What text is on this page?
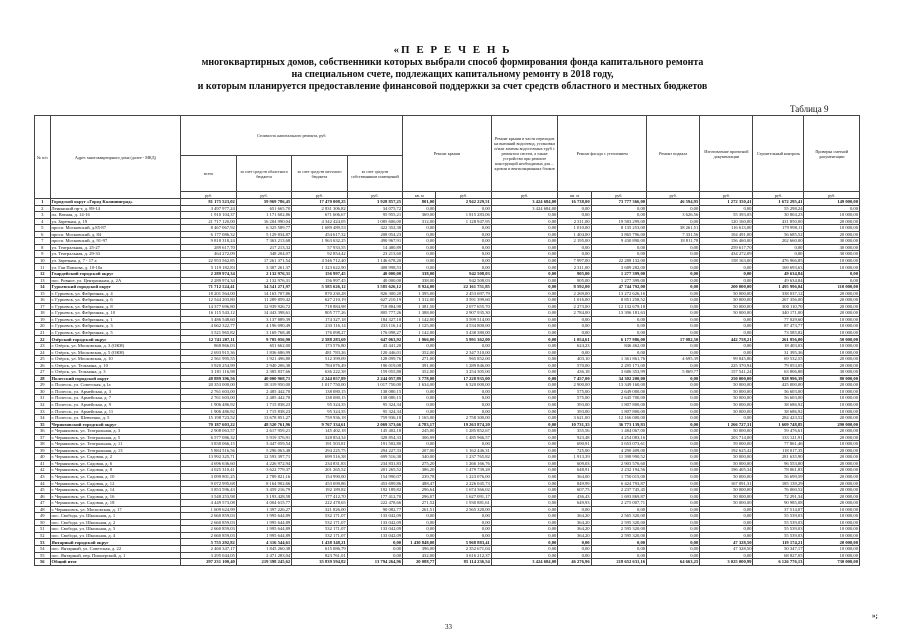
«П Е Р Е Ч Е Н Ь
многоквартирных домов, собственники которых выбрали способ формирования фонда капитального ремонта
на специальном счете, подлежащих капитальному ремонту в 2018 году,
и которым планируется предоставление финансовой поддержки за счет средств областного и местных бюджетов
Таблица 9
№ п/п	Адрес многоквартирного дома (далее - МКД)	Стоимость капитального ремонта, руб.				Ремонт крыши		Ремонт крыши в части переходов на внешний водоотвод, установки и/или замены водосточных труб с ремонтом систем, а также устройство при ремонте конструкций необходимых для ... кровли и вентиляционных блоков	Ремонт фасада с утеплением		Ремонт подвала	Изготовление проектной документации	Строительный контроль	Проверка сметной документации
		всего	за счет средств областного бюджета	за счет средств местного бюджета	за счет средств собственников помещений									
		руб.	руб.	руб.	руб.	кв. м	руб.	руб.	кв. м	руб.	руб.	руб.	руб.	руб.
1	Городской округ «Город Калининград»	81 175 523,02	59 969 786,45	17 470 008,25	3 928 857,25	801,00	2 942 229,51	3 424 684,00	16 738,00	73 777 366,00	46 594,95	1 272 350,41	1 672 295,41	149 000,00
2	Ленинский пр-т, д. 89-14	3 497 977,24	651 665,70	2 831 306,82	34 075,72	0,00	0,00	3 424 684,00	0,00	0,00	0,00	0,00	55 298,24	0,00
3	пл. Ватная, д. 14-16	1 910 104,37	1 171 602,86	671 606,67	95 955,21	369,00	1 815 283,06	0,00	0,00	0,00	3 626,56	55 393,05	30 804,23	10 000,00
4	ул. Заречная, д. 19	21 717 120,00	16 204 990,04	4 342 424,05	1 085 606,00	312,00	1 128 947,95	0,00	2 311,00	19 583 299,00	0,00	120 160,00	431 850,00	20 000,00
5	просп. Московский, д.85-87	8 467 067,92	6 325 589,77	1 689 489,53	422 352,38	0,00	0,00	0,00	1 010,00	8 135 253,00	38 261,51	116 613,00	179 998,11	10 000,00
6	просп. Московский, д. 84	6 177 086,32	5 129 834,87	454 617,32	208 054,23	0,00	0,00	0,00	1 404,00	3 865 796,00	7 331,56	104 491,00	56 685,52	20 000,00
7	просп. Московский, д. 91-97	9 818 318,24	7 363 213,68	1 963 632,25	490 967,91	0,00	0,00	0,00	2 195,00	9 430 890,00	18 811,78	156 460,00	202 660,00	30 000,00
8	ул. Театральная, д. 25-27	289 617,70	217 213,32	57 933,55	14 480,89	0,00	0,00	0,00	0,00	0,00	0,00	259 617,70	0,00	30 000,00
9	ул. Театральная, д. 29-33	464 272,09	348 204,07	92 854,42	23 213,60	0,00	0,00	0,00	0,00	0,00	0,00	434 272,09	0,00	30 000,00
10	ул. Заречная, д. 7 - 17 а	22 953 562,85	17 261 371,54	4 546 712,40	1 146 678,20	0,00	0,00	0,00	7 997,00	22 288 132,00	0,00	158 163,00	476 966,85	10 000,00
11	ул. Гаи Павлова, д. 10-10а	5 119 182,83	3 387 261,37	1 323 622,90	408 998,53	0,00	0,00	0,00	2 311,00	3 689 282,00	0,00	0,00	169 693,63	10 000,00
12	Гвардейский городской округ	2 289 974,34	2 132 976,31	156 997,45	40 000,00	338,00	942 508,03	0,00	905,00	1 277 399,00	0,00	0,00	49 634,84	0,00
13	пос. Ровное, ул. Центральная, д. 2А	2 289 974,34	2 132 976,31	156 997,45	40 000,00	338,00	942 508,03	0,00	905,00	1 277 399,00	0,00	0,00	49 634,84	0,00
14	Гурьевский городской округ	71 712 524,41	54 541 271,97	5 585 626,12	3 585 626,12	8 924,00	22 161 751,85	0,00	8 592,00	47 744 792,00	0,00	200 000,00	1 495 996,04	110 000,00
15	г. Гурьевск, ул. Фабричная, д. 4	18 201 564,00	14 163 707,86	870 230,28	826 300,20	1 395,00	2 453 697,79	0,00	2 269,00	13 272 626,16	0,00	50 000,00	338 037,12	20 000,00
16	г. Гурьевск, ул. Фабричная, д. 6	12 544 203,80	11 289 859,42	627 210,19	627 210,19	1 312,00	3 591 399,60	0,00	1 016,00	8 851 258,52	0,00	50 000,00	267 356,00	20 000,00
17	г. Гурьевск, ул. Фабричная, д. 8	14 377 696,80	12 939 926,72	718 884,98	718 884,98	1 381,50	2 077 655,70	0,00	2 273,00	12 132 679,18	0,00	50 000,00	300 110,70	20 000,00
18	г. Гурьевск, ул. Фабричная, д. 10	16 115 543,12	14 443 398,61	805 777,26	805 777,26	1 388,00	2 907 935,30	0,00	2 784,00	13 396 181,63	0,00	50 000,00	340 171,00	20 000,00
19	г. Гурьевск, ул. Фабричная, д. 1	3 486 548,60	3 137 889,39	174 327,18	184 327,18	1 142,00	3 599 514,00	0,00	0,00	0,00	0,00	0,00	77 029,60	10 000,00
20	г. Гурьевск, ул. Фабричная, д. 3	4 662 322,77	4 196 090,49	233 116,14	233 116,14	1 125,00	4 534 800,00	0,00	0,00	0,00	0,00	0,00	87 473,77	10 000,00
21	г. Гурьевск, ул. Фабричная, д. 5	3 521 965,82	3 169 768,48	176 098,27	176 098,27	1 142,00	3 438 380,00	0,00	0,00	0,00	0,00	0,00	73 585,82	10 000,00
22	Озёрский городской округ	12 741 207,11	9 705 056,90	2 588 283,69	647 063,92	1 966,00	5 991 362,00	0,00	1 054,61	6 177 986,00	17 082,50	442 758,21	261 856,00	50 000,00
23	г. Озёрск, ул. Московская, д. 3 (ОКН)	868 866,03	651 662,00	173 576,80	43 441,20	0,00	0,00	0,00	624,23	846 462,00	0,00	0,00	18 403,03	10 000,00
24	г. Озёрск, ул. Московская, д. 5 (ОКН)	2 693 915,36	1 836 686,99	481 783,26	120 446,01	352,00	2 347 510,00	0,00	0,00	0,00	0,00	0,00	31 395,36	10 000,00
25	г. Озёрск, ул. Московская, д. 10	2 561 995,55	1 921 496,80	512 399,09	128 099,76	271,00	965 852,00	0,00	403,10	1 361 861,76	4 695,39	99 845,86	69 532,55	20 000,00
26	г. Озёрск, ул. Тельмана, д. 10	3 920 254,99	2 940 206,38	784 076,49	196 019,08	391,00	1 289 846,00	0,00	570,00	2 295 171,00	0,00	225 370,94	79 053,05	20 000,00
27	г. Озёрск, ул. Тельмана, д. 3	3 181 116,98	2 385 837,66	636 222,38	159 055,88	352,00	3 254 305,00	0,00	436,18	3 686 353,99	5 869,77	157 541,24	63 806,88	30 000,00
28	Полесский городской округ	48 889 396,56	40 000 968,71	2 244 057,89	2 244 057,89	3 778,00	17 228 935,00	0,00	7 457,00	34 302 200,00	0,00	250 000,00	928 996,39	80 000,00
29	г. Полесск, ул. Советская, д.1а	20 353 000,00	18 319 950,00	1 017 750,00	1 017 750,00	1 634,00	6 320 000,00	0,00	2 900,00	13 349 160,00	0,00	50 000,00	425 000,00	20 000,00
30	г. Полесск, ул. Армейская, д. 3	2 761 603,00	2 485 442,70	138 080,15	138 080,15	0,00	0,00	0,00	575,00	2 649 000,00	0,00	50 000,00	56 603,00	10 000,00
31	г. Полесск, ул. Армейская, д. 7	2 761 603,00	2 485 442,70	138 080,15	138 080,15	0,00	0,00	0,00	575,00	2 645 700,00	0,00	50 000,00	56 603,00	10 000,00
32	г. Полесск, ул. Армейская, д. 9	1 906 486,92	1 715 838,23	95 324,35	95 324,34	0,00	0,00	0,00	393,00	1 807 800,00	0,00	50 000,00	38 686,92	10 000,00
33	г. Полесск, ул. Армейская, д. 11	1 906 486,92	1 715 838,23	95 324,35	95 324,34	0,00	0,00	0,00	393,00	1 807 800,00	0,00	50 000,00	38 686,92	10 000,00
34	г. Полесск, ул. Шевченко, д. 5	15 198 723,52	13 678 851,27	759 936,18	759 936,18	1 165,00	2 758 300,00	0,00	3 621,00	12 166 000,00	0,00	0,00	284 423,52	20 000,00
35	Черняховский городской округ	70 187 603,22	48 520 761,96	9 767 334,61	2 069 373,66	4 783,17	19 263 874,20	0,00	10 731,35	36 773 139,83	0,00	1 266 727,31	1 609 748,85	290 000,00
36	г. Черняховск, ул. Театральная, д. 3	2 908 063,57	2 617 959,21	145 402,18	145 402,18	245,00	1 285 852,67	0,00	355,56	1 484 067,00	0,00	50 000,00	59 476,61	20 000,00
37	г. Черняховск, ул. Театральная, д. 5	6 577 086,32	5 919 376,91	328 854,34	328 854,33	306,99	1 485 966,57	0,00	923,48	4 254 083,16	0,00	203 714,00	133 121,91	20 000,00
38	г. Черняховск, ул. Театральная, д. 11	3 830 066,15	3 447 059,54	191 503,81	191 502,80	0,00	0,00	0,00	690,91	3 653 073,61	0,00	59 000,00	77 861,46	10 000,00
39	г. Черняховск, ул. Театральная, д. 13	5 884 516,56	5 296 063,48	294 225,75	294 227,33	207,00	1 162 446,31	0,00	725,00	4 290 409,00	0,00	192 625,42	118 017,35	20 000,00
40	г. Черняховск, ул. Садовая, д. 2	13 992 325,71	12 593 397,71	699 516,38	699 516,38	340,00	1 237 765,82	0,00	1 913,39	11 398 990,52	0,00	50 000,00	281 635,90	20 000,00
41	г. Черняховск, ул. Садовая, д. 6	4 696 636,60	4 226 972,94	234 831,83	234 831,83	275,20	1 266 166,76	0,00	609,03	2 903 576,60	0,00	50 000,00	96 553,00	20 000,00
42	г. Черняховск, ул. Садовая, д. 8	4 025 310,41	3 622 779,37	201 265,52	201 265,52	386,20	1 479 739,28	0,00	648,91	2 232 194,56	0,00	196 405,34	78 061,83	20 000,00
43	г. Черняховск, ул. Садовая, д. 10	3 099 801,25	2 789 821,16	154 990,00	154 990,07	239,78	1 223 076,00	0,00	364,00	1 750 015,00	0,00	50 000,00	56 699,59	20 000,00
44	г. Черняховск, ул. Садовая, д. 12	9 072 995,68	8 164 902,66	453 699,86	453 699,86	488,47	2 226 045,73	0,00	849,99	6 424 793,87	0,00	167 091,31	185 139,29	20 000,00
45	г. Черняховск, ул. Садовая, д. 14	3 853 596,43	3 459 216,79	192 189,82	192 189,82	296,64	1 674 366,02	0,00	607,75	2 237 745,45	0,00	50 000,00	76 060,52	20 000,00
46	г. Черняховск, ул. Садовая, д. 16	3 548 253,98	3 193 428,58	177 412,70	177 412,70	296,07	1 627 091,17	0,00	436,43	1 693 869,87	0,00	50 000,00	72 291,34	20 000,00
47	г. Черняховск, ул. Садовая, д. 18	4 449 573,08	4 004 615,77	222 478,65	222 478,66	271,52	1 930 881,61	0,00	649,93	2 275 007,71	0,00	50 000,00	90 985,08	20 000,00
48	г. Черняховск, ул. Московская, д. 17	1 609 624,99	1 397 226,27	321 826,00	90 082,77	261,51	2 565 320,00	0,00	0,00	0,00	0,00	0,00	37 514,07	10 000,00
49	пос. Свобода, ул. Школьная, д. 1	2 660 859,03	1 995 644,89	532 171,07	133 042,09	0,00	0,00	0,00	364,20	2 565 320,00	0,00	0,00	55 539,03	10 000,00
50	пос. Свобода, ул. Школьная, д. 2	2 660 859,03	1 995 644,89	532 171,07	133 042,09	0,00	0,00	0,00	364,20	2 595 320,00	0,00	0,00	55 539,03	10 000,00
51	пос. Свобода, ул. Школьная, д. 3	2 660 859,03	1 995 644,89	532 171,07	133 042,09	0,00	0,00	0,00	364,20	2 595 320,00	0,00	0,00	55 539,03	10 000,00
52	пос. Свобода, ул. Школьная, д. 4	2 660 859,03	1 995 644,89	532 171,07	133 042,09	0,00	0,00	0,00	364,20	2 595 320,00	0,00	0,00	55 539,03	10 000,00
53	Янтарный городской округ	5 755 292,82	4 316 544,61	1 438 348,21	0,00	1 430 848,00	5 968 883,41	0,00	0,00	0,00	0,00	47 328,50	119 174,21	20 000,00
54	пос. Янтарный, ул. Советская, д. 22	2 460 347,17	1 845 260,38	615 086,79	0,00	396,00	2 352 671,04	0,00	0,00	0,00	0,00	47 328,50	50 347,17	10 000,00
55	пос. Янтарный, пер. Пионерский, д. 1	3 295 044,05	2 471 283,04	823 761,01	0,00	432,00	3 616 212,37	0,00	0,00	0,00	0,00	0,00	68 827,05	10 000,00
56	Общий итог	297 231 100,40	219 398 245,62	35 839 594,82	13 794 264,96	20 088,77	85 114 236,54	3 424 684,00	46 276,96	218 652 631,16	64 663,25	3 025 000,99	6 126 776,13	730 000,00
33
»;
